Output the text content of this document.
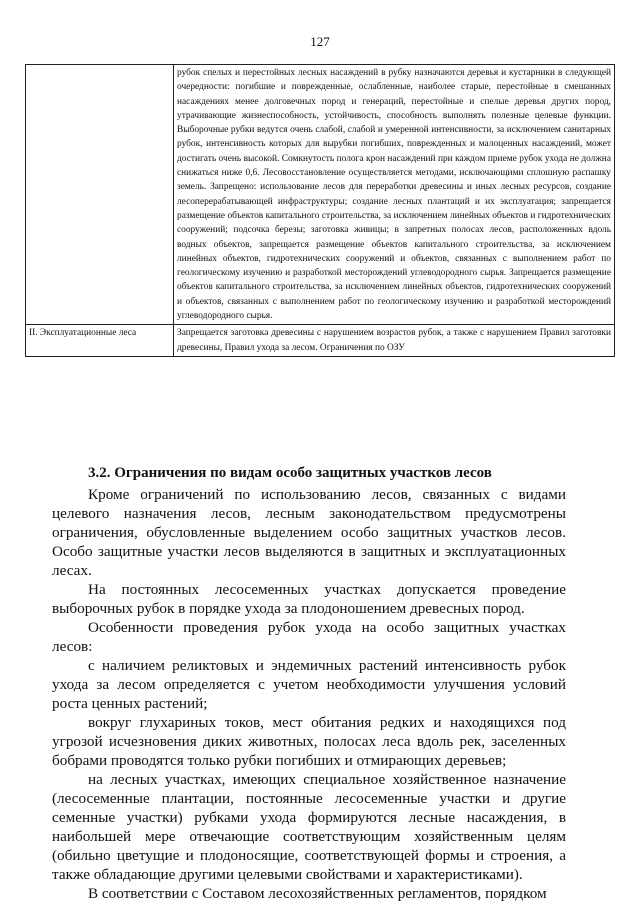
127
	рубок спелых и перестойных лесных насаждений в рубку назначаются деревья и кустарники в следующей очередности: погибшие и поврежденные, ослабленные, наиболее старые, перестойные в смешанных насаждениях менее долговечных пород и генераций, перестойные и спелые деревья других пород, утрачивающие жизнеспособность, устойчивость, способность выполнять полезные целевые функции. Выборочные рубки ведутся очень слабой, слабой и умеренной интенсивности, за исключением санитарных рубок, интенсивность которых для вырубки погибших, поврежденных и малоценных насаждений, может достигать очень высокой. Сомкнутость полога крон насаждений при каждом приеме рубок ухода не должна снижаться ниже 0,6. Лесовосстановление осуществляется методами, исключающими сплошную распашку земель. Запрещено: использование лесов для переработки древесины и иных лесных ресурсов, создание лесоперерабатывающей инфраструктуры; создание лесных плантаций и их эксплуатация; запрещается размещение объектов капитального строительства, за исключением линейных объектов и гидротехнических сооружений; подсочка березы; заготовка живицы; в запретных полосах лесов, расположенных вдоль водных объектов, запрещается размещение объектов капитального строительства, за исключением линейных объектов, гидротехнических сооружений и объектов, связанных с выполнением работ по геологическому изучению и разработкой месторождений углеводородного сырья. Запрещается размещение объектов капитального строительства, за исключением линейных объектов, гидротехнических сооружений и объектов, связанных с выполнением работ по геологическому изучению и разработкой месторождений углеводородного сырья.
II. Эксплуатационные леса	Запрещается заготовка древесины с нарушением возрастов рубок, а также с нарушением Правил заготовки древесины, Правил ухода за лесом. Ограничения по ОЗУ
3.2. Ограничения по видам особо защитных участков лесов

Кроме ограничений по использованию лесов, связанных с видами целевого назначения лесов, лесным законодательством предусмотрены ограничения, обусловленные выделением особо защитных участков лесов. Особо защитные участки лесов выделяются в защитных и эксплуатационных лесах.

На постоянных лесосеменных участках допускается проведение выборочных рубок в порядке ухода за плодоношением древесных пород.

Особенности проведения рубок ухода на особо защитных участках лесов:

с наличием реликтовых и эндемичных растений интенсивность рубок ухода за лесом определяется с учетом необходимости улучшения условий роста ценных растений;

вокруг глухариных токов, мест обитания редких и находящихся под угрозой исчезновения диких животных, полосах леса вдоль рек, заселенных бобрами проводятся только рубки погибших и отмирающих деревьев;

на лесных участках, имеющих специальное хозяйственное назначение (лесосеменные плантации, постоянные лесосеменные участки и другие семенные участки) рубками ухода формируются лесные насаждения, в наибольшей мере отвечающие соответствующим хозяйственным целям (обильно цветущие и плодоносящие, соответствующей формы и строения, а также обладающие другими целевыми свойствами и характеристиками).

В соответствии с Составом лесохозяйственных регламентов, порядком
